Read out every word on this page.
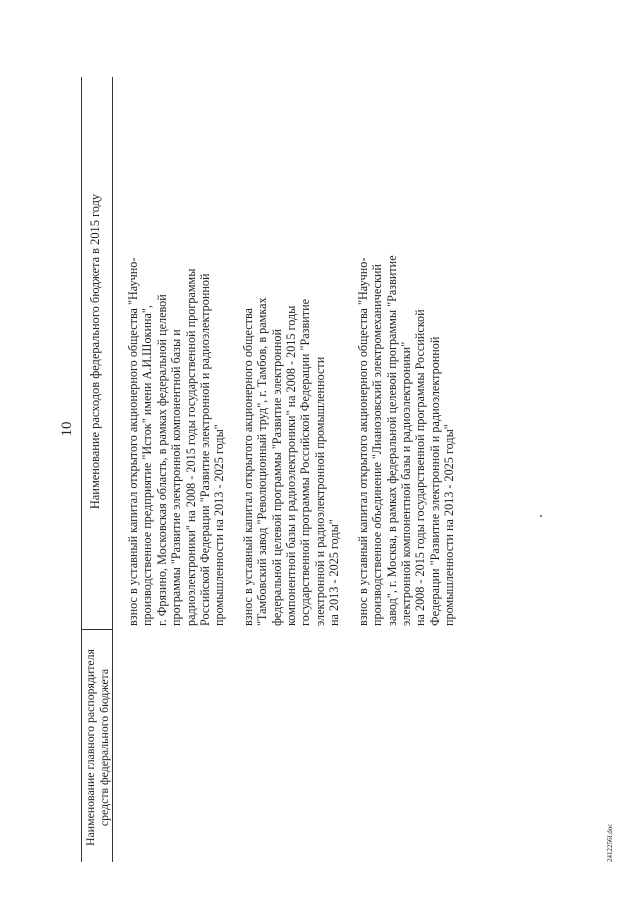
10
Наименование главного распорядителя
средств федерального бюджета
Наименование расходов федерального бюджета в 2015 году

взнос в уставный капитал открытого акционерного общества "Научно-
производственное предприятие "Исток" имени А.И.Шокина",
г. Фрязино, Московская область, в рамках федеральной целевой
программы "Развитие электронной компонентной базы и
радиоэлектроники" на 2008 - 2015 годы государственной программы
Российской Федерации "Развитие электронной и радиоэлектронной
промышленности на 2013 - 2025 годы"

взнос в уставный капитал открытого акционерного общества
"Тамбовский завод "Революционный труд", г. Тамбов, в рамках
федеральной целевой программы "Развитие электронной
компонентной базы и радиоэлектроники" на 2008 - 2015 годы
государственной программы Российской Федерации "Развитие
электронной и радиоэлектронной промышленности
на 2013 - 2025 годы"

взнос в уставный капитал открытого акционерного общества "Научно-
производственное объединение "Лианозовский электромеханический
завод", г. Москва, в рамках федеральной целевой программы "Развитие
электронной компонентной базы и радиоэлектроники"
на 2008 - 2015 годы государственной программы Российской
Федерации "Развитие электронной и радиоэлектронной
промышленности на 2013 - 2025 годы"

2412256l.doc
